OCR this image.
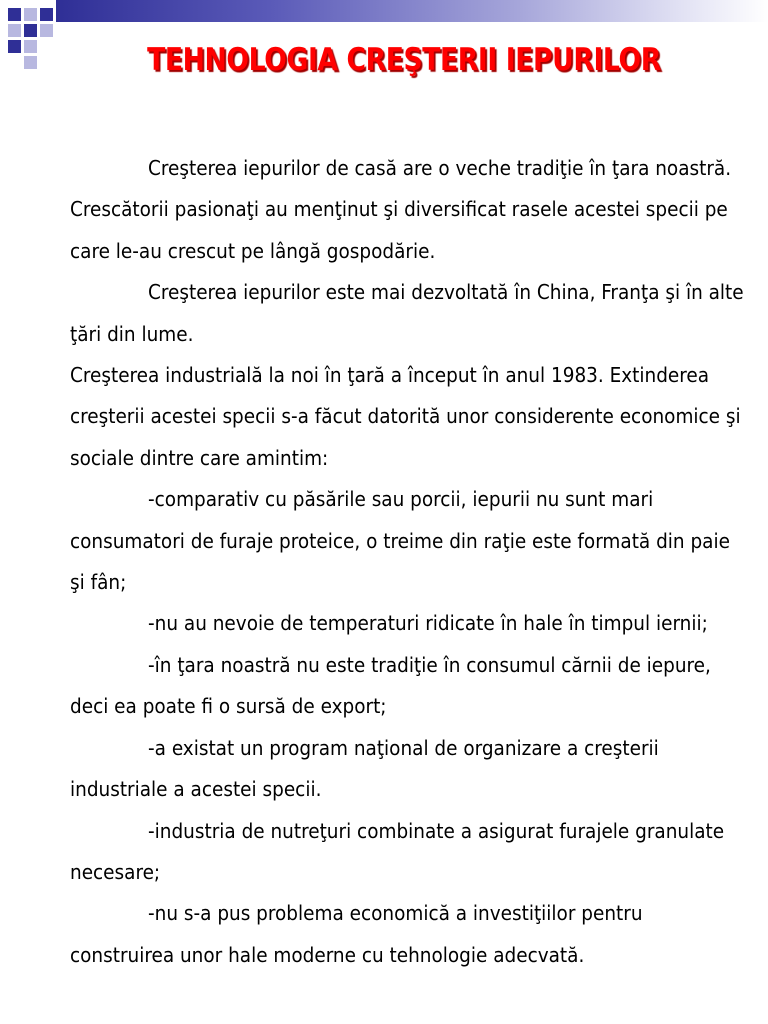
TEHNOLOGIA CREŞTERII IEPURILOR

Creşterea iepurilor de casă are o veche tradiţie în ţara noastră. Crescătorii pasionaţi au menţinut şi diversificat rasele acestei specii pe care le-au crescut pe lângă gospodărie.

Creşterea iepurilor este mai dezvoltată în China, Franţa şi în alte ţări din lume.

Creşterea industrială la noi în ţară a început în anul 1983. Extinderea creşterii acestei specii s-a făcut datorită unor considerente economice şi sociale dintre care amintim:

-comparativ cu păsările sau porcii, iepurii nu sunt mari consumatori de furaje proteice, o treime din raţie este formată din paie şi fân;

-nu au nevoie de temperaturi ridicate în hale în timpul iernii;

-în ţara noastră nu este tradiţie în consumul cărnii de iepure, deci ea poate fi o sursă de export;

-a existat un program naţional de organizare a creşterii industriale a acestei specii.

-industria de nutreţuri combinate a asigurat furajele granulate necesare;

-nu s-a pus problema economică a investiţiilor pentru construirea unor hale moderne cu tehnologie adecvată.
